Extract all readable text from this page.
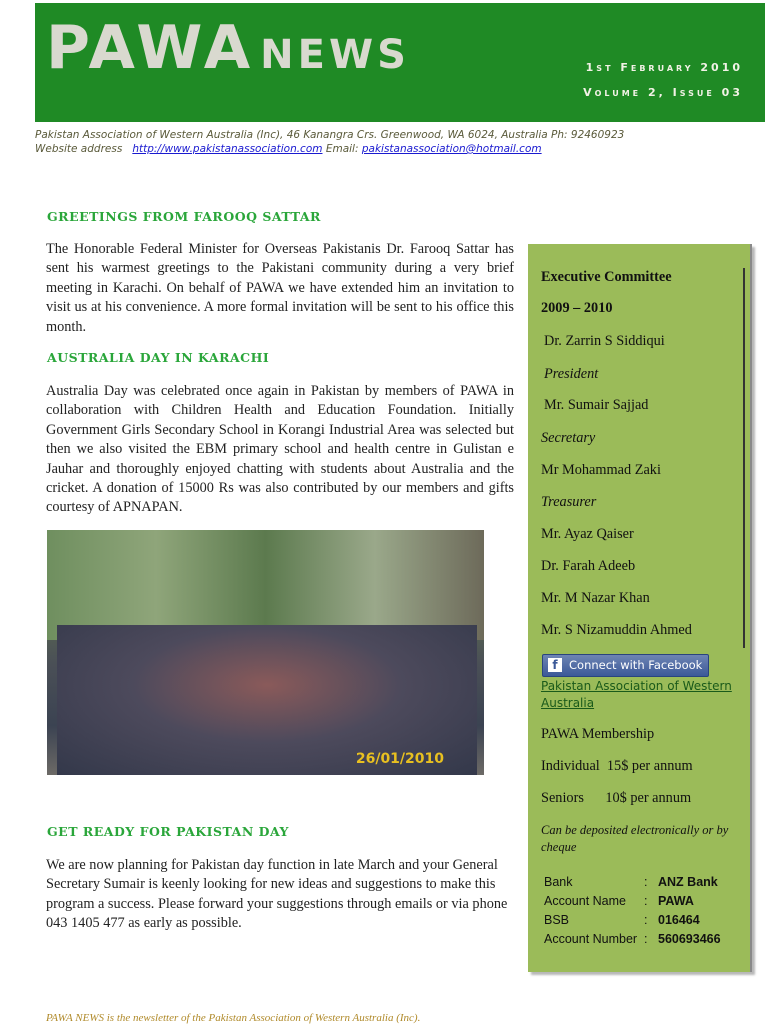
PAWA NEWS	1st February 2010
Volume 2, Issue 03
Pakistan Association of Western Australia (Inc), 46 Kanangra Crs. Greenwood, WA 6024, Australia Ph: 92460923
Website address http://www.pakistanassociation.com Email: pakistanassociation@hotmail.com
GREETINGS FROM FAROOQ SATTAR
The Honorable Federal Minister for Overseas Pakistanis Dr. Farooq Sattar has sent his warmest greetings to the Pakistani community during a very brief meeting in Karachi. On behalf of PAWA we have extended him an invitation to visit us at his convenience. A more formal invitation will be sent to his office this month.
AUSTRALIA DAY IN KARACHI
Australia Day was celebrated once again in Pakistan by members of PAWA in collaboration with Children Health and Education Foundation. Initially Government Girls Secondary School in Korangi Industrial Area was selected but then we also visited the EBM primary school and health centre in Gulistan e Jauhar and thoroughly enjoyed chatting with students about Australia and the cricket. A donation of 15000 Rs was also contributed by our members and gifts courtesy of APNAPAN.
26/01/2010
GET READY FOR PAKISTAN DAY
We are now planning for Pakistan day function in late March and your General Secretary Sumair is keenly looking for new ideas and suggestions to make this program a success. Please forward your suggestions through emails or via phone 043 1405 477 as early as possible.
Executive Committee
2009 – 2010
Dr. Zarrin S Siddiqui
President
Mr. Sumair Sajjad
Secretary
Mr Mohammad Zaki
Treasurer
Mr. Ayaz Qaiser
Dr. Farah Adeeb
Mr. M Nazar Khan
Mr. S Nizamuddin Ahmed
f Connect with Facebook
Pakistan Association of Western Australia
PAWA Membership
Individual  15$ per annum
Seniors      10$ per annum
Can be deposited electronically or by cheque
Bank	:	ANZ Bank
Account Name	:	PAWA
BSB	:	016464
Account Number	:	560693466
PAWA NEWS is the newsletter of the Pakistan Association of Western Australia (Inc).
